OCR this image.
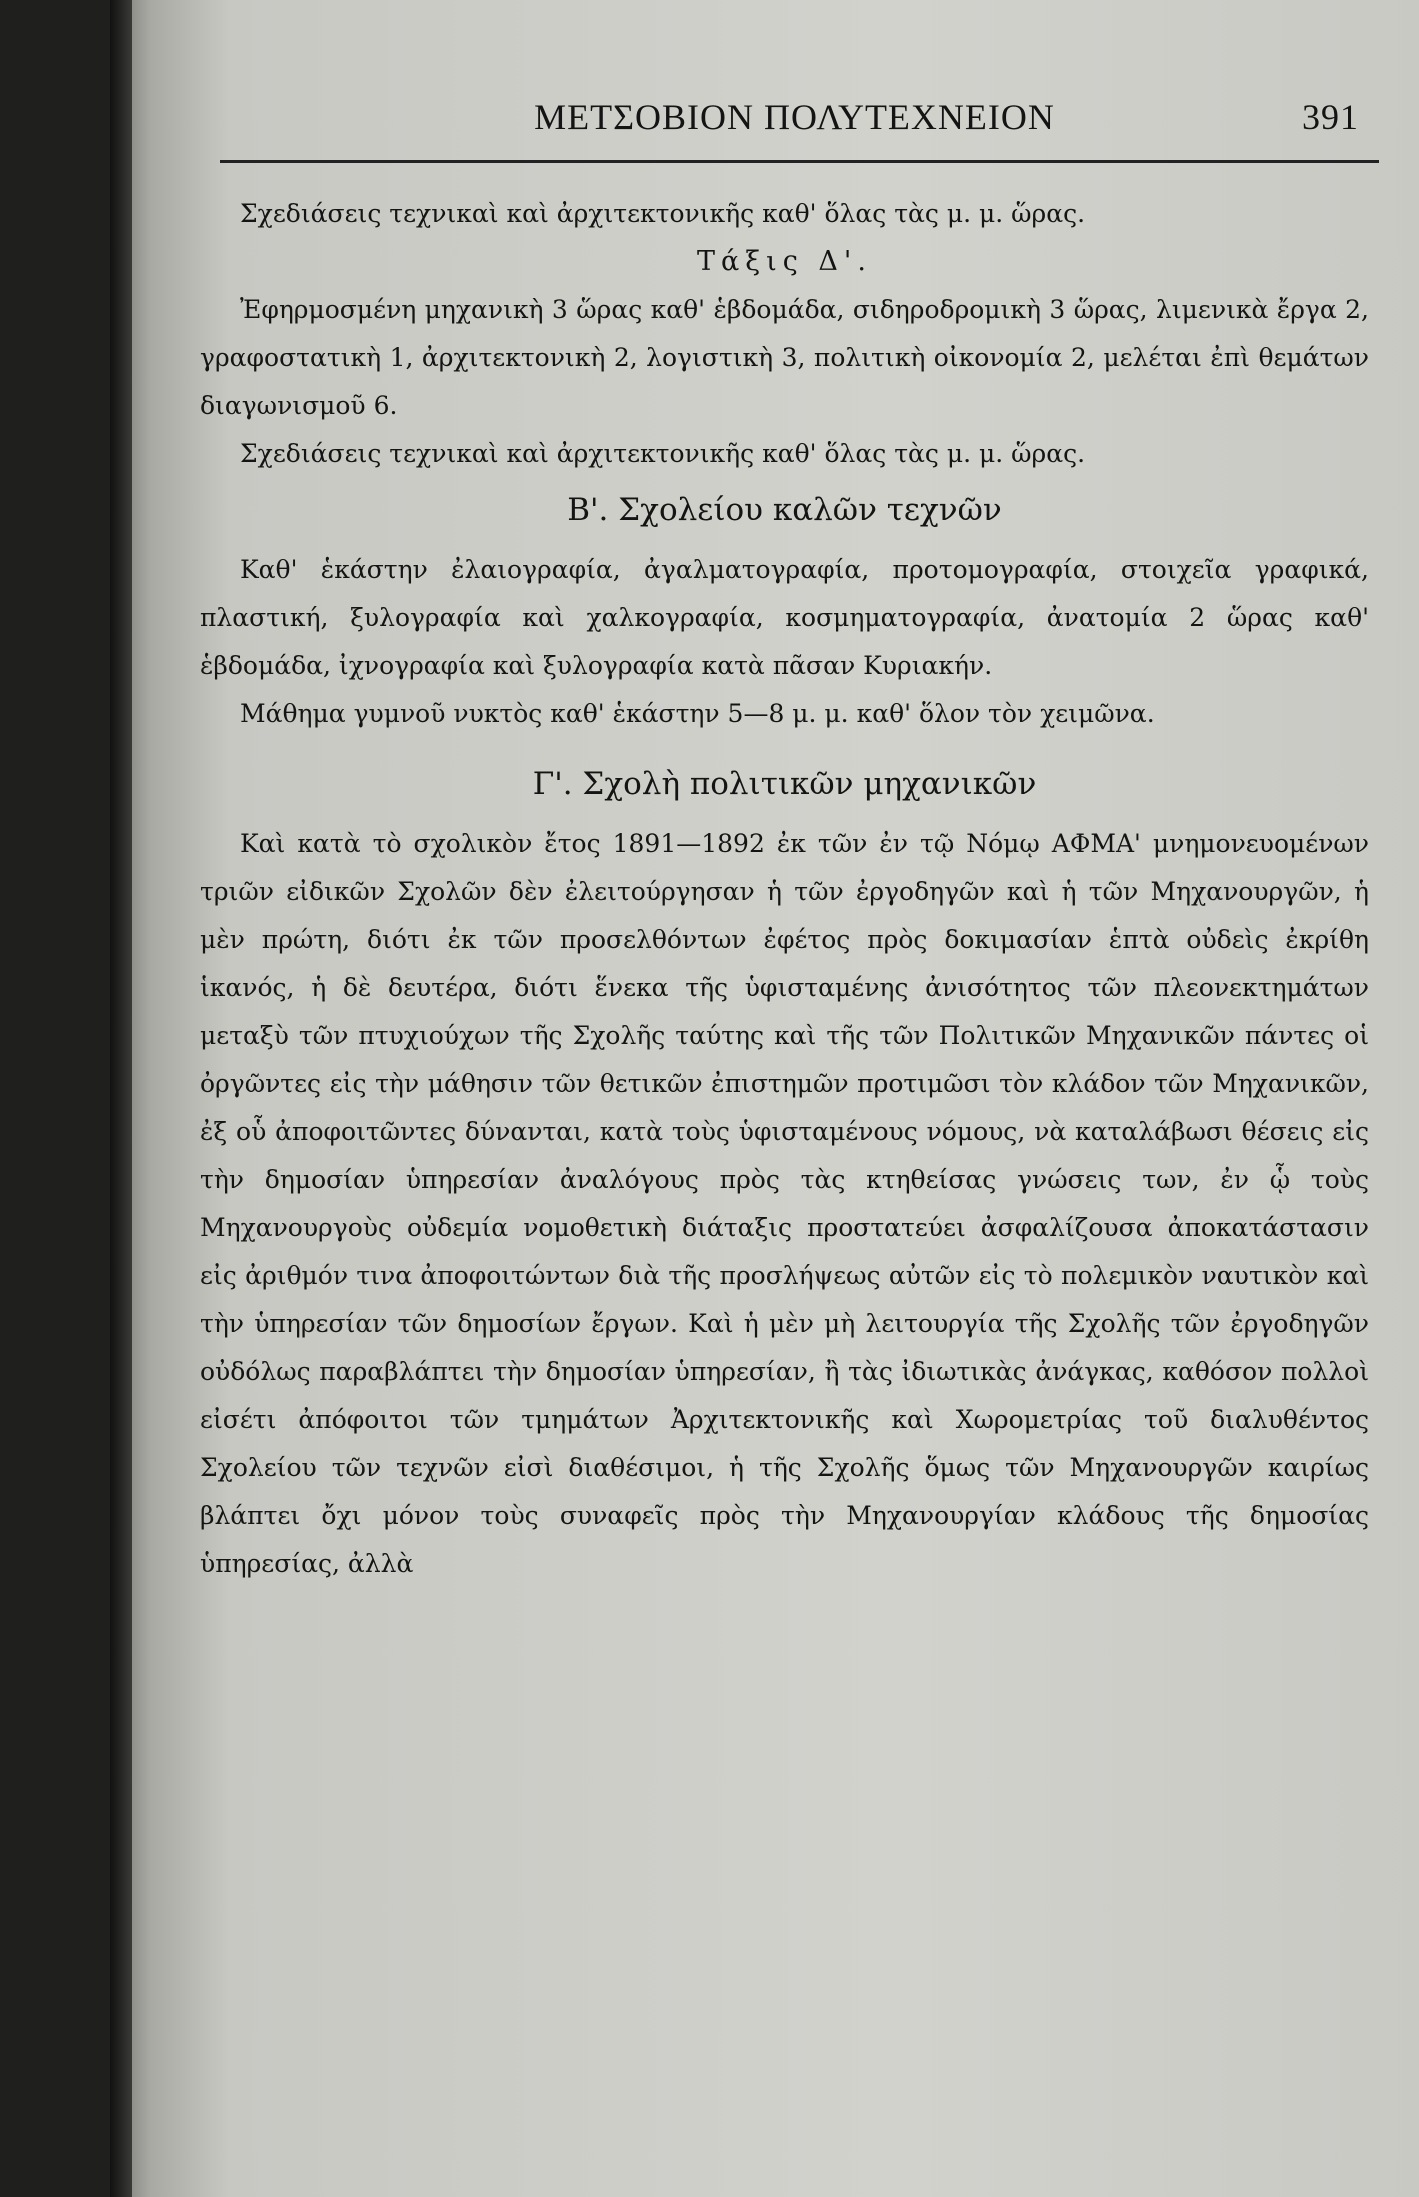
ΜΕΤΣΟΒΙΟΝ ΠΟΛΥΤΕΧΝΕΙΟΝ	391

Σχεδιάσεις τεχνικαὶ καὶ ἀρχιτεκτονικῆς καθ' ὅλας τὰς μ. μ. ὥρας.

Τάξις Δ'.

Ἐφηρμοσμένη μηχανικὴ 3 ὥρας καθ' ἑβδομάδα, σιδηροδρομικὴ 3 ὥρας, λιμενικὰ ἔργα 2, γραφοστατικὴ 1, ἀρχιτεκτονικὴ 2, λογιστικὴ 3, πολιτικὴ οἰκονομία 2, μελέται ἐπὶ θεμάτων διαγωνισμοῦ 6.

Σχεδιάσεις τεχνικαὶ καὶ ἀρχιτεκτονικῆς καθ' ὅλας τὰς μ. μ. ὥρας.

Β'. Σχολείου καλῶν τεχνῶν

Καθ' ἑκάστην ἐλαιογραφία, ἀγαλματογραφία, προτομογραφία, στοιχεῖα γραφικά, πλαστική, ξυλογραφία καὶ χαλκογραφία, κοσμηματογραφία, ἀνατομία 2 ὥρας καθ' ἑβδομάδα, ἰχνογραφία καὶ ξυλογραφία κατὰ πᾶσαν Κυριακήν.

Μάθημα γυμνοῦ νυκτὸς καθ' ἑκάστην 5—8 μ. μ. καθ' ὅλον τὸν χειμῶνα.

Γ'. Σχολὴ πολιτικῶν μηχανικῶν

Καὶ κατὰ τὸ σχολικὸν ἔτος 1891—1892 ἐκ τῶν ἐν τῷ Νόμῳ ΑΦΜΑ' μνημονευομένων τριῶν εἰδικῶν Σχολῶν δὲν ἐλειτούργησαν ἡ τῶν ἐργοδηγῶν καὶ ἡ τῶν Μηχανουργῶν, ἡ μὲν πρώτη, διότι ἐκ τῶν προσελθόντων ἐφέτος πρὸς δοκιμασίαν ἑπτὰ οὐδεὶς ἐκρίθη ἱκανός, ἡ δὲ δευτέρα, διότι ἕνεκα τῆς ὑφισταμένης ἀνισότητος τῶν πλεονεκτημάτων μεταξὺ τῶν πτυχιούχων τῆς Σχολῆς ταύτης καὶ τῆς τῶν Πολιτικῶν Μηχανικῶν πάντες οἱ ὀργῶντες εἰς τὴν μάθησιν τῶν θετικῶν ἐπιστημῶν προτιμῶσι τὸν κλάδον τῶν Μηχανικῶν, ἐξ οὗ ἀποφοιτῶντες δύνανται, κατὰ τοὺς ὑφισταμένους νόμους, νὰ καταλάβωσι θέσεις εἰς τὴν δημοσίαν ὑπηρεσίαν ἀναλόγους πρὸς τὰς κτηθείσας γνώσεις των, ἐν ᾧ τοὺς Μηχανουργοὺς οὐδεμία νομοθετικὴ διάταξις προστατεύει ἀσφαλίζουσα ἀποκατάστασιν εἰς ἀριθμόν τινα ἀποφοιτώντων διὰ τῆς προσλήψεως αὐτῶν εἰς τὸ πολεμικὸν ναυτικὸν καὶ τὴν ὑπηρεσίαν τῶν δημοσίων ἔργων. Καὶ ἡ μὲν μὴ λειτουργία τῆς Σχολῆς τῶν ἐργοδηγῶν οὐδόλως παραβλάπτει τὴν δημοσίαν ὑπηρεσίαν, ἢ τὰς ἰδιωτικὰς ἀνάγκας, καθόσον πολλοὶ εἰσέτι ἀπόφοιτοι τῶν τμημάτων Ἀρχιτεκτονικῆς καὶ Χωρομετρίας τοῦ διαλυθέντος Σχολείου τῶν τεχνῶν εἰσὶ διαθέσιμοι, ἡ τῆς Σχολῆς ὅμως τῶν Μηχανουργῶν καιρίως βλάπτει ὄχι μόνον τοὺς συναφεῖς πρὸς τὴν Μηχανουργίαν κλάδους τῆς δημοσίας ὑπηρεσίας, ἀλλὰ
